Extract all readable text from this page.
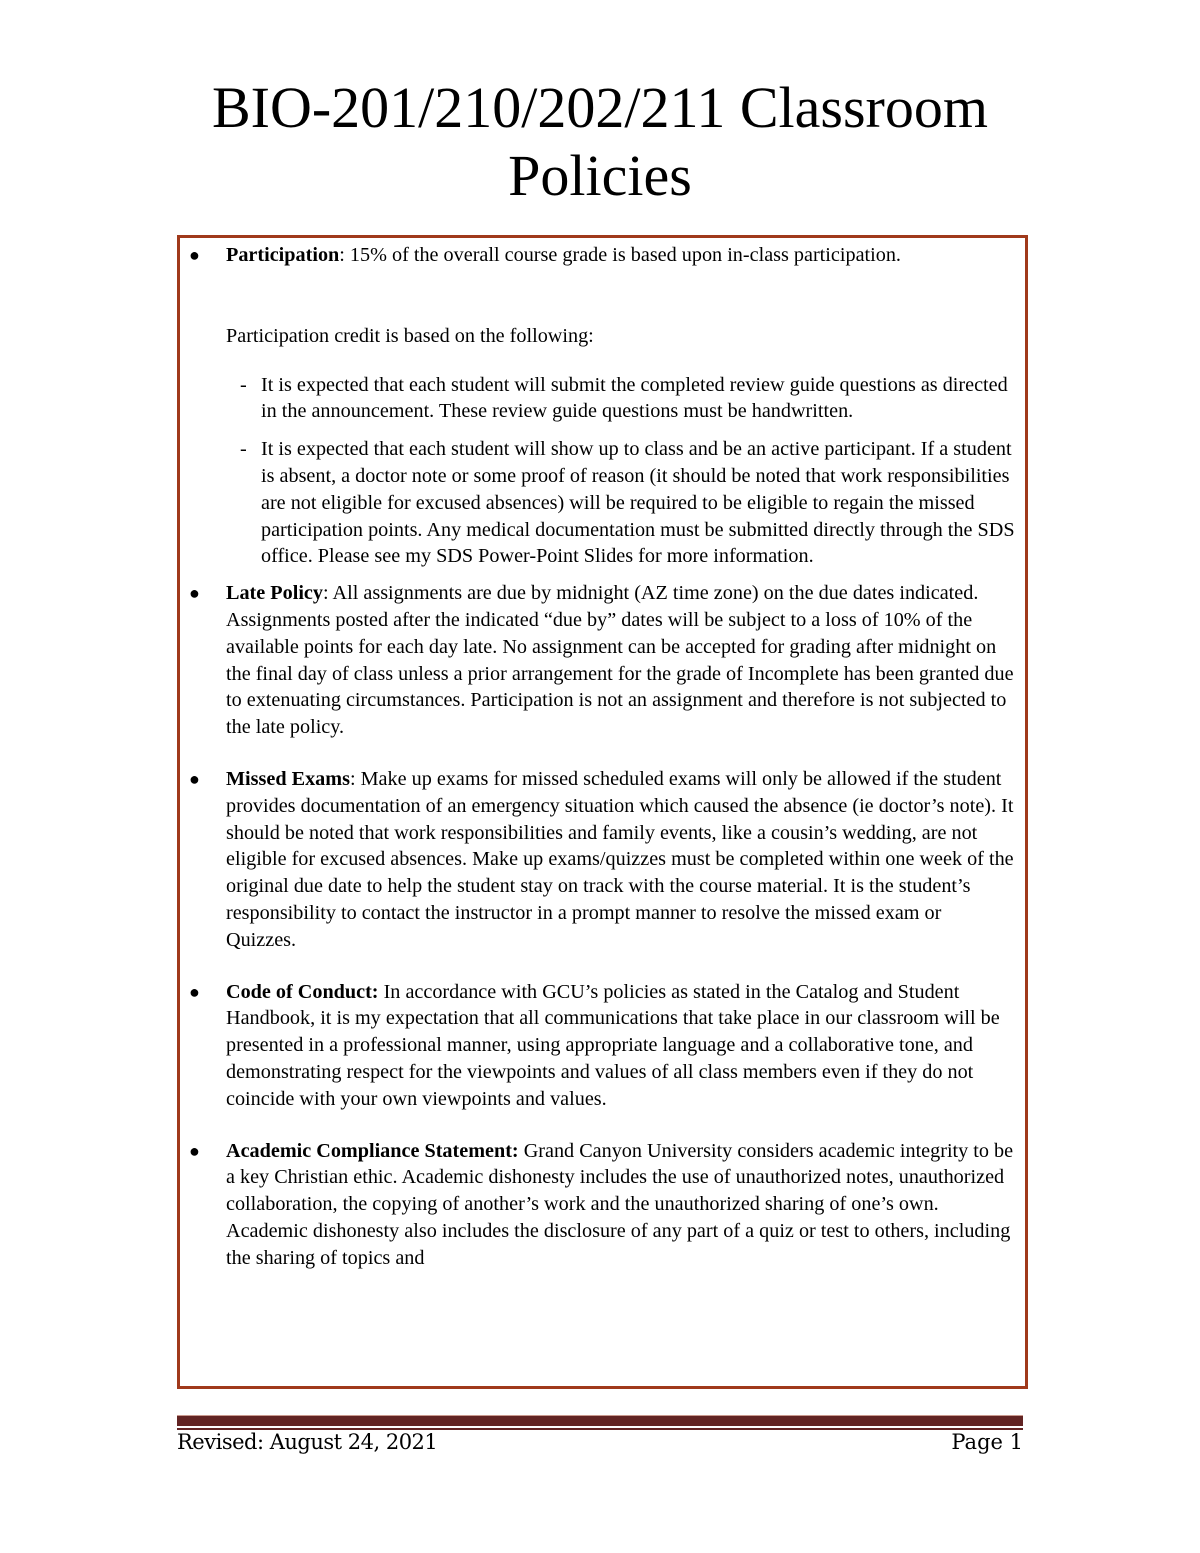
BIO-201/210/202/211 Classroom
Policies
● Participation: 15% of the overall course grade is based upon in-class participation.
Participation credit is based on the following:
- It is expected that each student will submit the completed review guide questions as directed in the announcement. These review guide questions must be handwritten.
- It is expected that each student will show up to class and be an active participant. If a student is absent, a doctor note or some proof of reason (it should be noted that work responsibilities are not eligible for excused absences) will be required to be eligible to regain the missed participation points. Any medical documentation must be submitted directly through the SDS office. Please see my SDS Power-Point Slides for more information.
● Late Policy: All assignments are due by midnight (AZ time zone) on the due dates indicated. Assignments posted after the indicated “due by” dates will be subject to a loss of 10% of the available points for each day late. No assignment can be accepted for grading after midnight on the final day of class unless a prior arrangement for the grade of Incomplete has been granted due to extenuating circumstances. Participation is not an assignment and therefore is not subjected to the late policy.
● Missed Exams: Make up exams for missed scheduled exams will only be allowed if the student provides documentation of an emergency situation which caused the absence (ie doctor’s note). It should be noted that work responsibilities and family events, like a cousin’s wedding, are not eligible for excused absences. Make up exams/quizzes must be completed within one week of the original due date to help the student stay on track with the course material. It is the student’s responsibility to contact the instructor in a prompt manner to resolve the missed exam or Quizzes.
● Code of Conduct: In accordance with GCU’s policies as stated in the Catalog and Student Handbook, it is my expectation that all communications that take place in our classroom will be presented in a professional manner, using appropriate language and a collaborative tone, and demonstrating respect for the viewpoints and values of all class members even if they do not coincide with your own viewpoints and values.
● Academic Compliance Statement: Grand Canyon University considers academic integrity to be a key Christian ethic. Academic dishonesty includes the use of unauthorized notes, unauthorized collaboration, the copying of another’s work and the unauthorized sharing of one’s own. Academic dishonesty also includes the disclosure of any part of a quiz or test to others, including the sharing of topics and
Revised: August 24, 2021	Page 1
